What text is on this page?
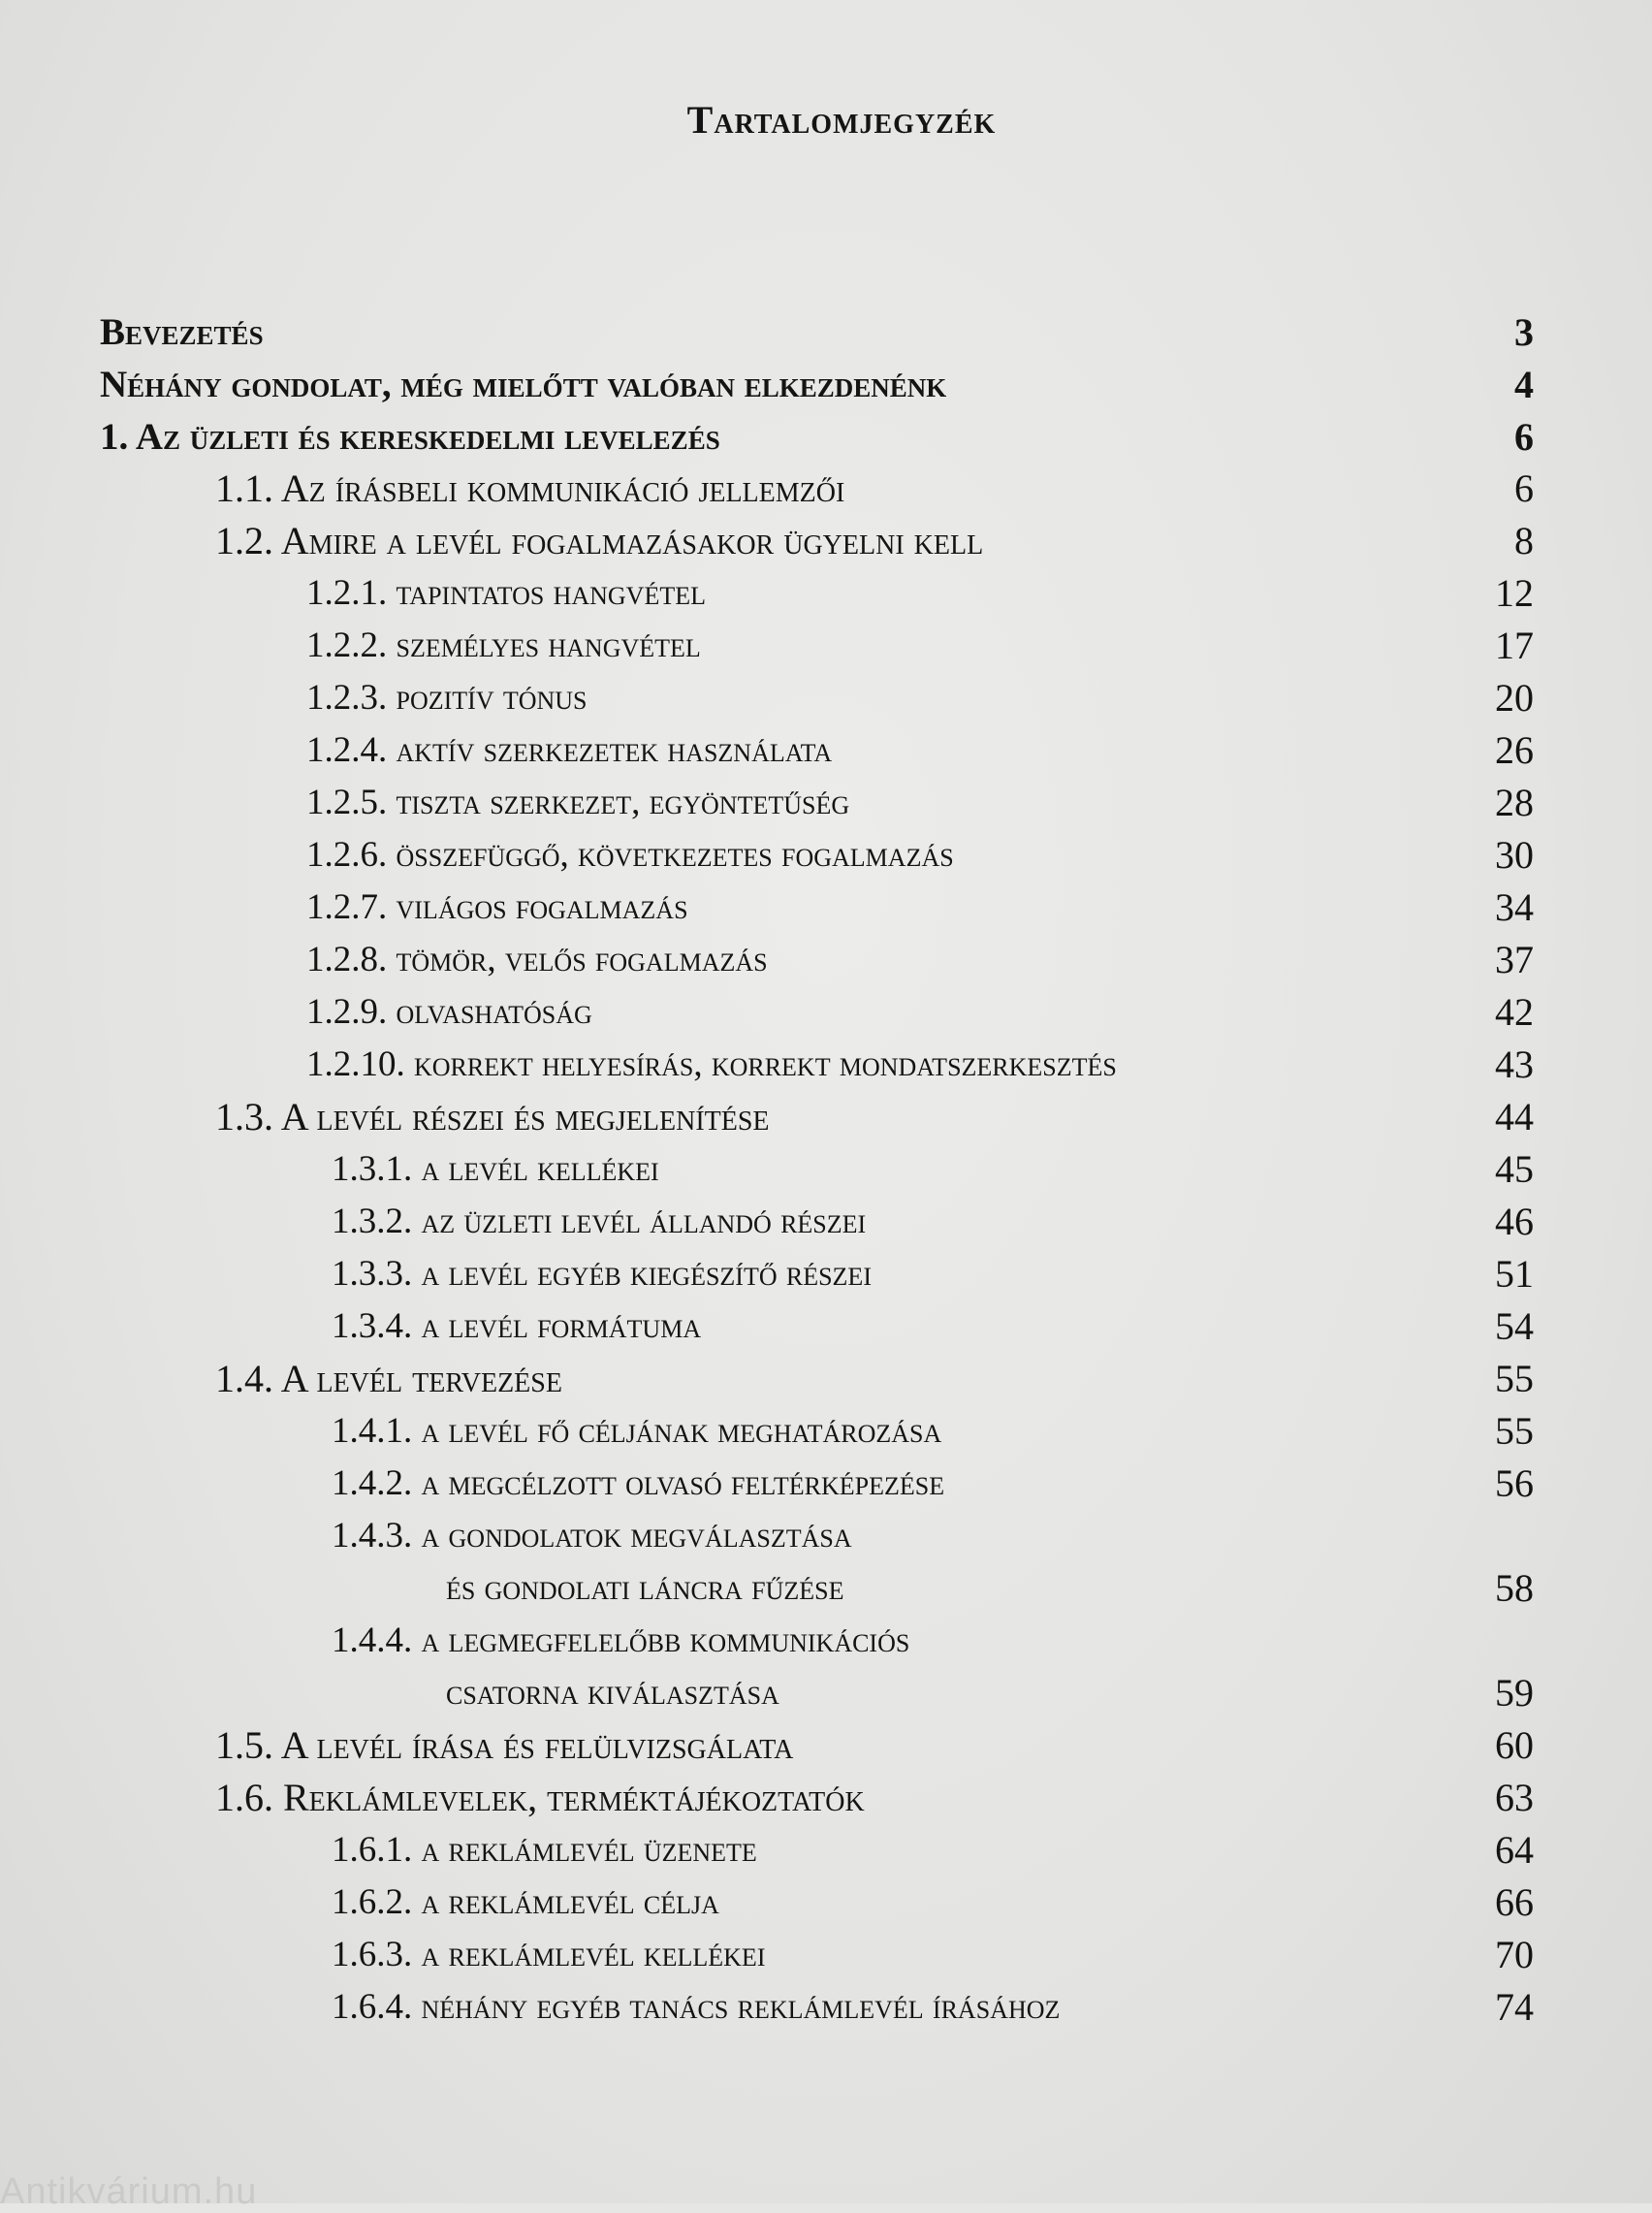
Tartalomjegyzék
Bevezetés	3
Néhány gondolat, még mielőtt valóban elkezdenénk	4
1. Az üzleti és kereskedelmi levelezés	6
1.1. Az írásbeli kommunikáció jellemzői	6
1.2. Amire a levél fogalmazásakor ügyelni kell	8
1.2.1. tapintatos hangvétel	12
1.2.2. személyes hangvétel	17
1.2.3. pozitív tónus	20
1.2.4. aktív szerkezetek használata	26
1.2.5. tiszta szerkezet, egyöntetűség	28
1.2.6. összefüggő, következetes fogalmazás	30
1.2.7. világos fogalmazás	34
1.2.8. tömör, velős fogalmazás	37
1.2.9. olvashatóság	42
1.2.10. korrekt helyesírás, korrekt mondatszerkesztés	43
1.3. A levél részei és megjelenítése	44
1.3.1. a levél kellékei	45
1.3.2. az üzleti levél állandó részei	46
1.3.3. a levél egyéb kiegészítő részei	51
1.3.4. a levél formátuma	54
1.4. A levél tervezése	55
1.4.1. a levél fő céljának meghatározása	55
1.4.2. a megcélzott olvasó feltérképezése	56
1.4.3. a gondolatok megválasztása
és gondolati láncra fűzése	58
1.4.4. a legmegfelelőbb kommunikációs
csatorna kiválasztása	59
1.5. A levél írása és felülvizsgálata	60
1.6. Reklámlevelek, terméktájékoztatók	63
1.6.1. a reklámlevél üzenete	64
1.6.2. a reklámlevél célja	66
1.6.3. a reklámlevél kellékei	70
1.6.4. néhány egyéb tanács reklámlevél írásához	74
Antikvárium.hu
